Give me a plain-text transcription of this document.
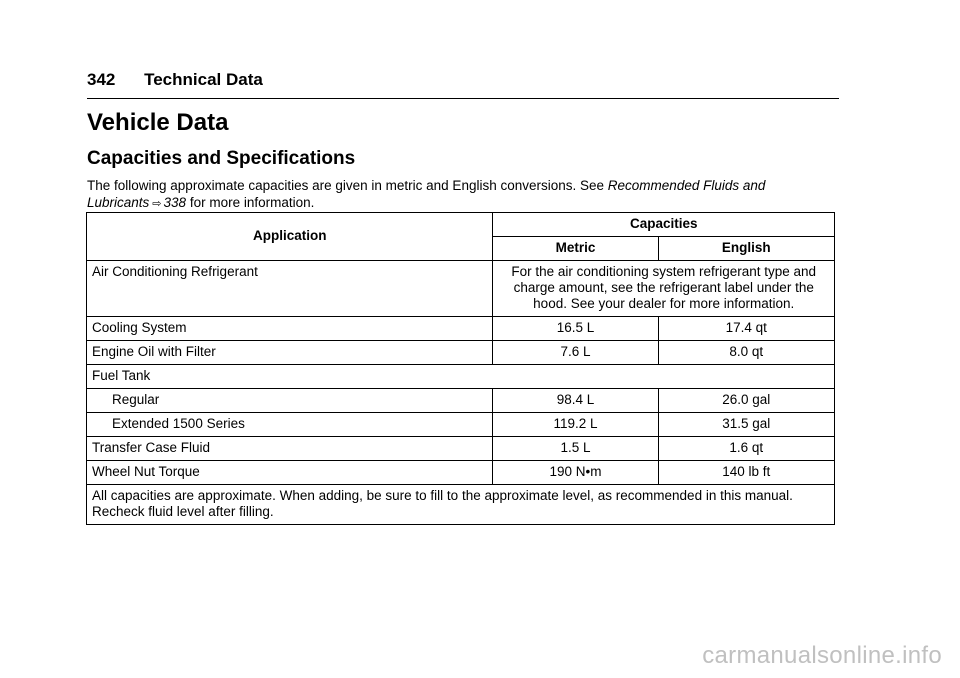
342 Technical Data
Vehicle Data
Capacities and Specifications
The following approximate capacities are given in metric and English conversions. See Recommended Fluids and Lubricants ⇨ 338 for more information.
Application	Capacities	
	Metric	English
Air Conditioning Refrigerant	For the air conditioning system refrigerant type and charge amount, see the refrigerant label under the hood. See your dealer for more information.	
Cooling System	16.5 L	17.4 qt
Engine Oil with Filter	7.6 L	8.0 qt
Fuel Tank		
Regular	98.4 L	26.0 gal
Extended 1500 Series	119.2 L	31.5 gal
Transfer Case Fluid	1.5 L	1.6 qt
Wheel Nut Torque	190 N•m	140 lb ft
All capacities are approximate. When adding, be sure to fill to the approximate level, as recommended in this manual. Recheck fluid level after filling.		
carmanualsonline.info
